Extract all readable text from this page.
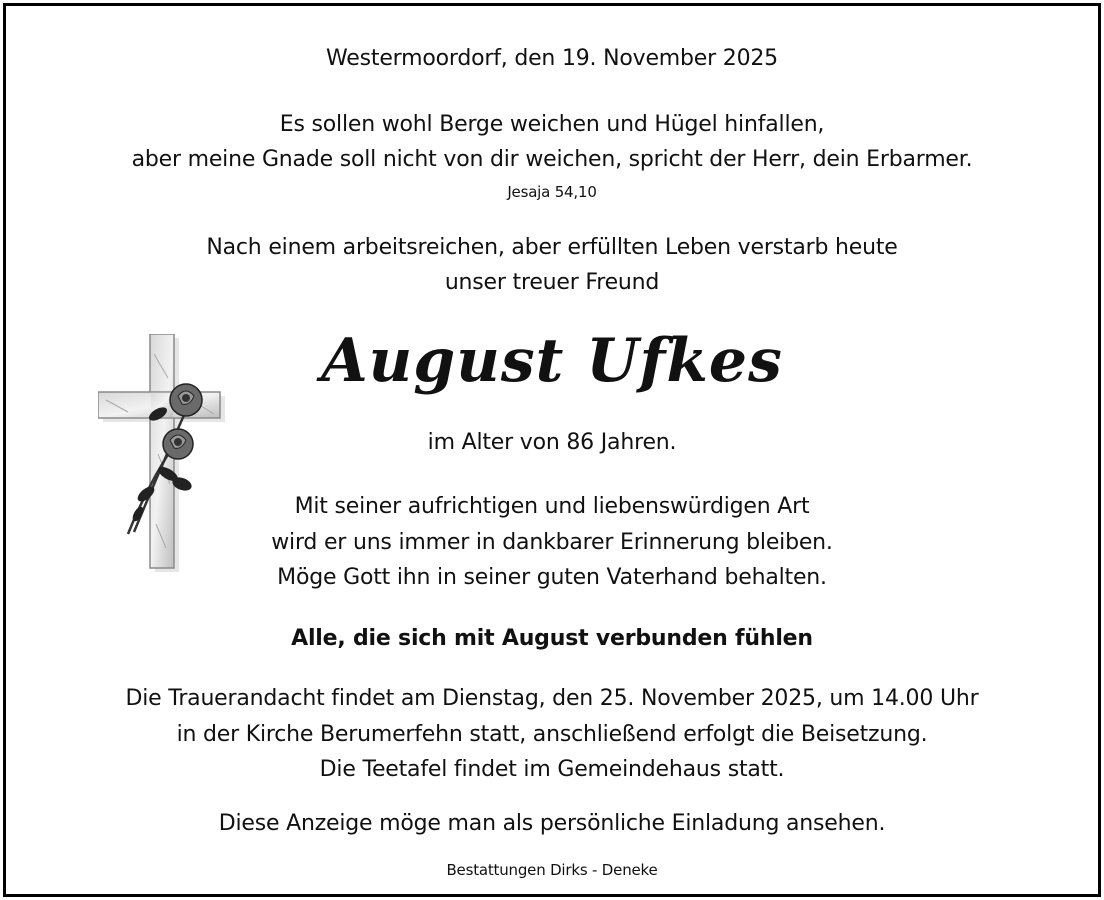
Westermoordorf, den 19. November 2025
Es sollen wohl Berge weichen und Hügel hinfallen,
aber meine Gnade soll nicht von dir weichen, spricht der Herr, dein Erbarmer.
Jesaja 54,10
Nach einem arbeitsreichen, aber erfüllten Leben verstarb heute
unser treuer Freund
August Ufkes
im Alter von 86 Jahren.
Mit seiner aufrichtigen und liebenswürdigen Art
wird er uns immer in dankbarer Erinnerung bleiben.
Möge Gott ihn in seiner guten Vaterhand behalten.
Alle, die sich mit August verbunden fühlen
Die Trauerandacht findet am Dienstag, den 25. November 2025, um 14.00 Uhr
in der Kirche Berumerfehn statt, anschließend erfolgt die Beisetzung.
Die Teetafel findet im Gemeindehaus statt.
Diese Anzeige möge man als persönliche Einladung ansehen.
Bestattungen Dirks - Deneke
